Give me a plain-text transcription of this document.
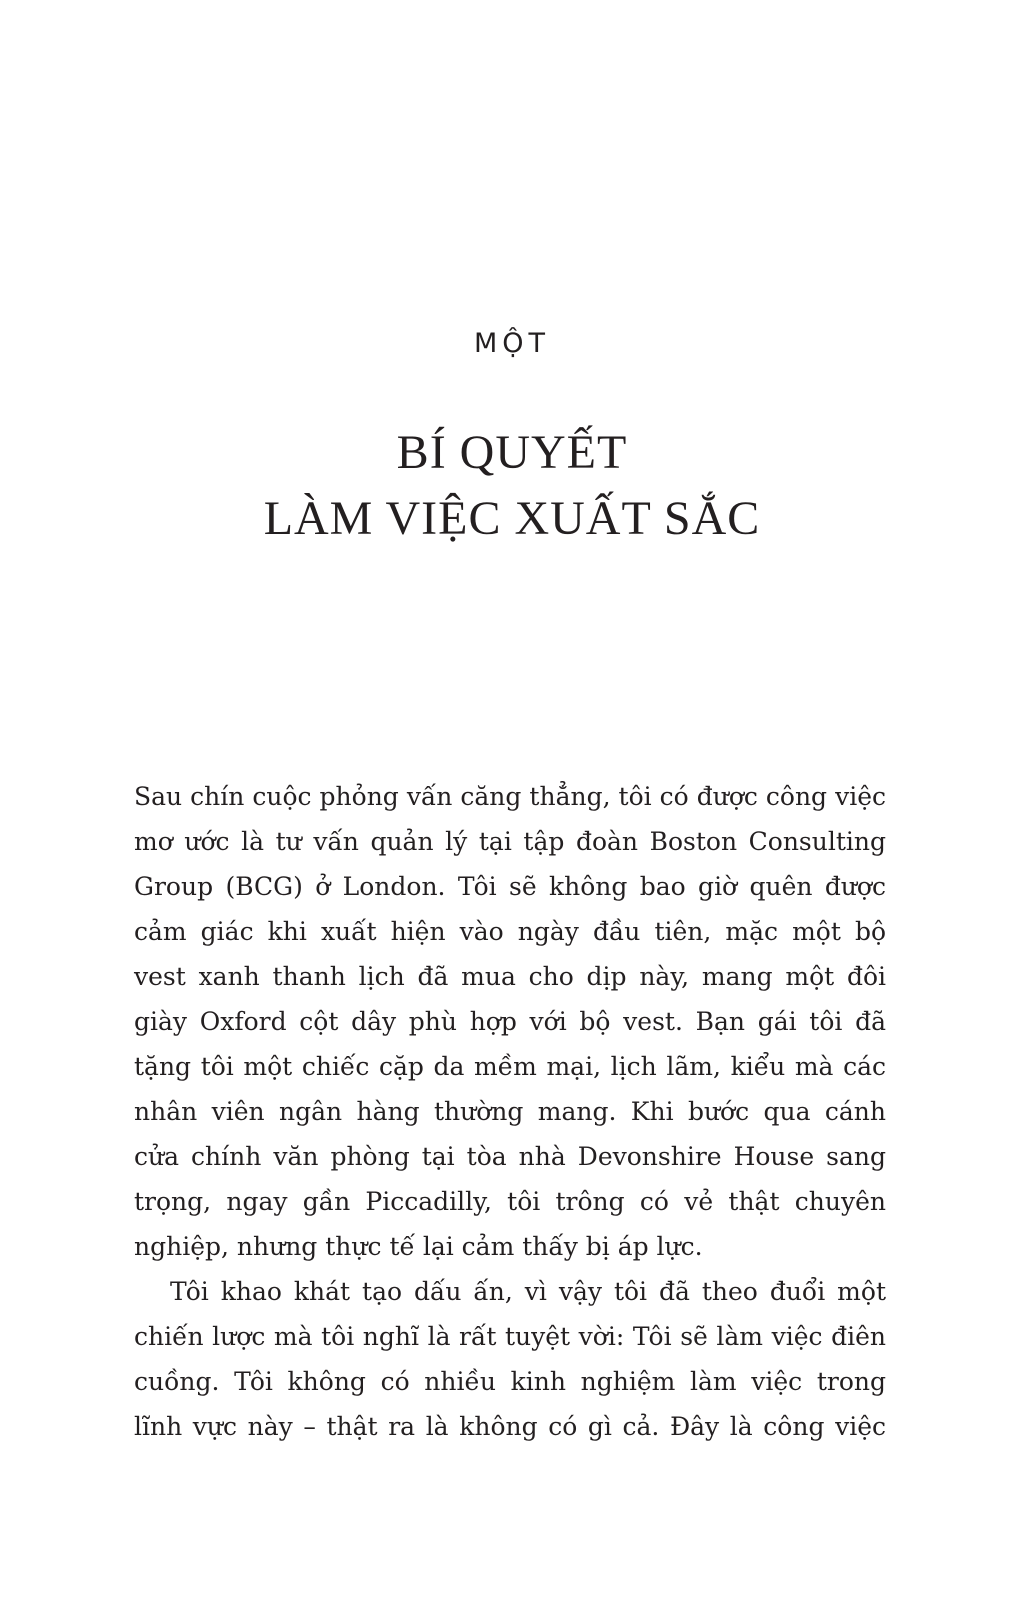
MỘT
BÍ QUYẾT
LÀM VIỆC XUẤT SẮC
Sau chín cuộc phỏng vấn căng thẳng, tôi có được công việc
mơ ước là tư vấn quản lý tại tập đoàn Boston Consulting
Group (BCG) ở London. Tôi sẽ không bao giờ quên được
cảm giác khi xuất hiện vào ngày đầu tiên, mặc một bộ
vest xanh thanh lịch đã mua cho dịp này, mang một đôi
giày Oxford cột dây phù hợp với bộ vest. Bạn gái tôi đã
tặng tôi một chiếc cặp da mềm mại, lịch lãm, kiểu mà các
nhân viên ngân hàng thường mang. Khi bước qua cánh
cửa chính văn phòng tại tòa nhà Devonshire House sang
trọng, ngay gần Piccadilly, tôi trông có vẻ thật chuyên
nghiệp, nhưng thực tế lại cảm thấy bị áp lực.
Tôi khao khát tạo dấu ấn, vì vậy tôi đã theo đuổi một
chiến lược mà tôi nghĩ là rất tuyệt vời: Tôi sẽ làm việc điên
cuồng. Tôi không có nhiều kinh nghiệm làm việc trong
lĩnh vực này – thật ra là không có gì cả. Đây là công việc
